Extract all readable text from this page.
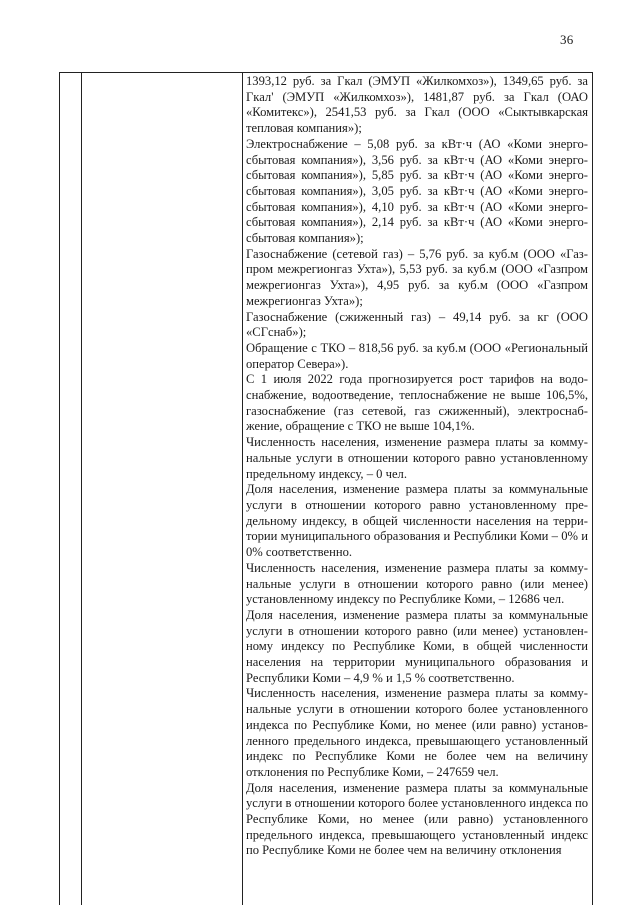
36

1393,12 руб. за Гкал (ЭМУП «Жилкомхоз»), 1349,65 руб. за Гкал' (ЭМУП «Жилкомхоз»), 1481,87 руб. за Гкал (ОАО «Комитекс»), 2541,53 руб. за Гкал (ООО «Сыктывкарская тепловая компания»);

Электроснабжение – 5,08 руб. за кВт·ч (АО «Коми энергосбытовая компания»), 3,56 руб. за кВт·ч (АО «Коми энергосбытовая компания»), 5,85 руб. за кВт·ч (АО «Коми энергосбытовая компания»), 3,05 руб. за кВт·ч (АО «Коми энергосбытовая компания»), 4,10 руб. за кВт·ч (АО «Коми энергосбытовая компания»), 2,14 руб. за кВт·ч (АО «Коми энергосбытовая компания»);

Газоснабжение (сетевой газ) – 5,76 руб. за куб.м (ООО «Газпром межрегионгаз Ухта»), 5,53 руб. за куб.м (ООО «Газпром межрегионгаз Ухта»), 4,95 руб. за куб.м (ООО «Газпром межрегионгаз Ухта»);

Газоснабжение (сжиженный газ) – 49,14 руб. за кг (ООО «СГснаб»);

Обращение с ТКО – 818,56 руб. за куб.м (ООО «Региональный оператор Севера»).

С 1 июля 2022 года прогнозируется рост тарифов на водоснабжение, водоотведение, теплоснабжение не выше 106,5%, газоснабжение (газ сетевой, газ сжиженный), электроснабжение, обращение с ТКО не выше 104,1%.

Численность населения, изменение размера платы за коммунальные услуги в отношении которого равно установленному предельному индексу, – 0 чел.

Доля населения, изменение размера платы за коммунальные услуги в отношении которого равно установленному предельному индексу, в общей численности населения на территории муниципального образования и Республики Коми – 0% и 0% соответственно.

Численность населения, изменение размера платы за коммунальные услуги в отношении которого равно (или менее) установленному индексу по Республике Коми, – 12686 чел.

Доля населения, изменение размера платы за коммунальные услуги в отношении которого равно (или менее) установленному индексу по Республике Коми, в общей численности населения на территории муниципального образования и Республики Коми – 4,9 % и 1,5 % соответственно.

Численность населения, изменение размера платы за коммунальные услуги в отношении которого более установленного индекса по Республике Коми, но менее (или равно) установленного предельного индекса, превышающего установленный индекс по Республике Коми не более чем на величину отклонения по Республике Коми, – 247659 чел.

Доля населения, изменение размера платы за коммунальные услуги в отношении которого более установленного индекса по Республике Коми, но менее (или равно) установленного предельного индекса, превышающего установленный индекс по Республике Коми не более чем на величину отклонения
